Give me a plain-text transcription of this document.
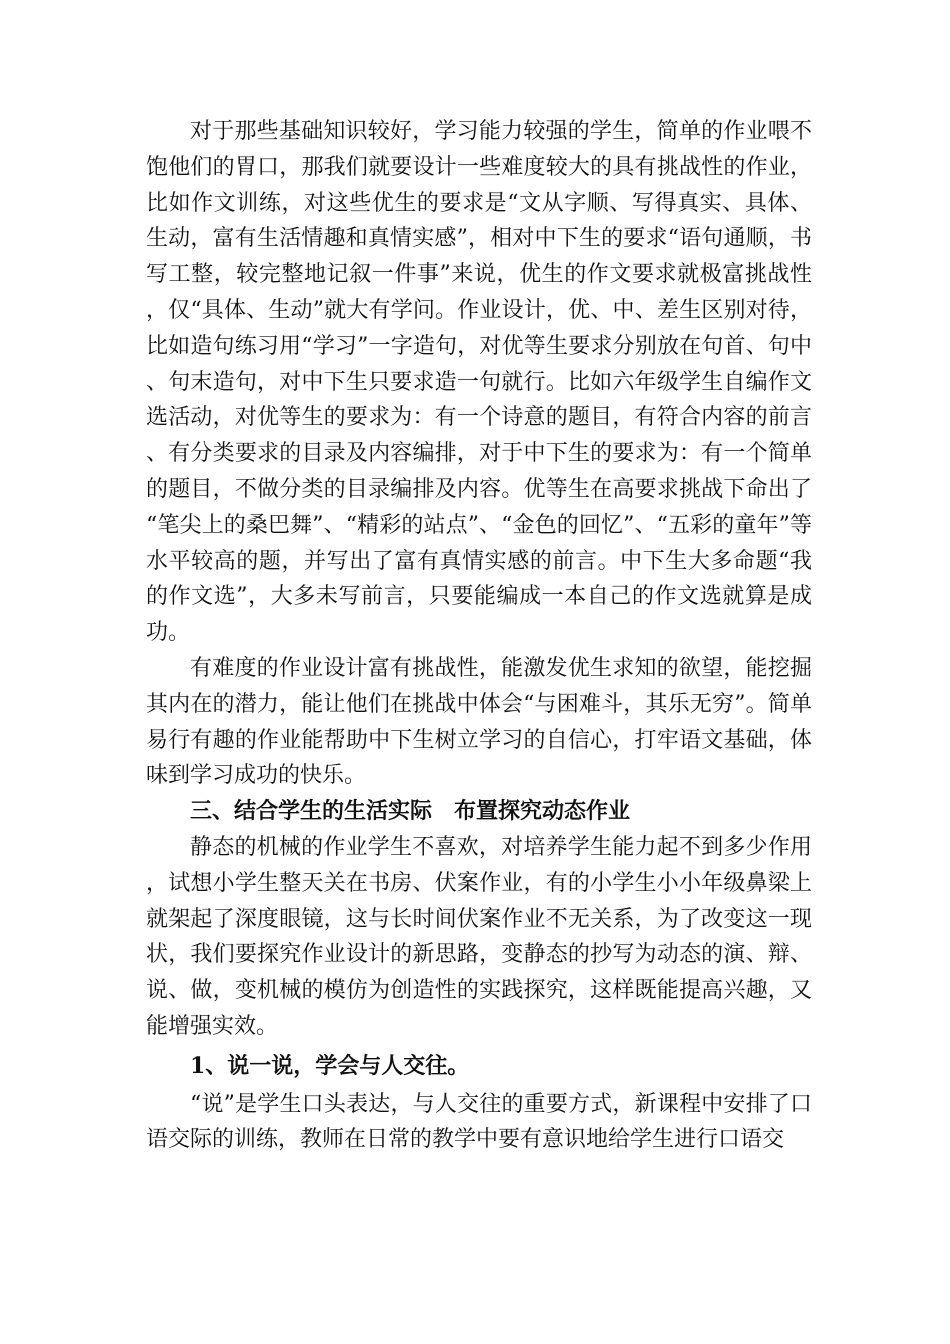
对于那些基础知识较好，学习能力较强的学生，简单的作业喂不饱他们的胃口，那我们就要设计一些难度较大的具有挑战性的作业，比如作文训练，对这些优生的要求是“文从字顺、写得真实、具体、生动，富有生活情趣和真情实感”，相对中下生的要求“语句通顺，书写工整，较完整地记叙一件事”来说，优生的作文要求就极富挑战性，仅“具体、生动”就大有学问。作业设计，优、中、差生区别对待，比如造句练习用“学习”一字造句，对优等生要求分别放在句首、句中、句末造句，对中下生只要求造一句就行。比如六年级学生自编作文选活动，对优等生的要求为：有一个诗意的题目，有符合内容的前言、有分类要求的目录及内容编排，对于中下生的要求为：有一个简单的题目，不做分类的目录编排及内容。优等生在高要求挑战下命出了“笔尖上的桑巴舞”、“精彩的站点”、“金色的回忆”、“五彩的童年”等水平较高的题，并写出了富有真情实感的前言。中下生大多命题“我的作文选”，大多未写前言，只要能编成一本自己的作文选就算是成功。

有难度的作业设计富有挑战性，能激发优生求知的欲望，能挖掘其内在的潜力，能让他们在挑战中体会“与困难斗，其乐无穷”。简单易行有趣的作业能帮助中下生树立学习的自信心，打牢语文基础，体味到学习成功的快乐。

三、结合学生的生活实际　布置探究动态作业

静态的机械的作业学生不喜欢，对培养学生能力起不到多少作用，试想小学生整天关在书房、伏案作业，有的小学生小小年级鼻梁上就架起了深度眼镜，这与长时间伏案作业不无关系，为了改变这一现状，我们要探究作业设计的新思路，变静态的抄写为动态的演、辩、说、做，变机械的模仿为创造性的实践探究，这样既能提高兴趣，又能增强实效。

1、说一说，学会与人交往。

“说”是学生口头表达，与人交往的重要方式，新课程中安排了口语交际的训练，教师在日常的教学中要有意识地给学生进行口语交
